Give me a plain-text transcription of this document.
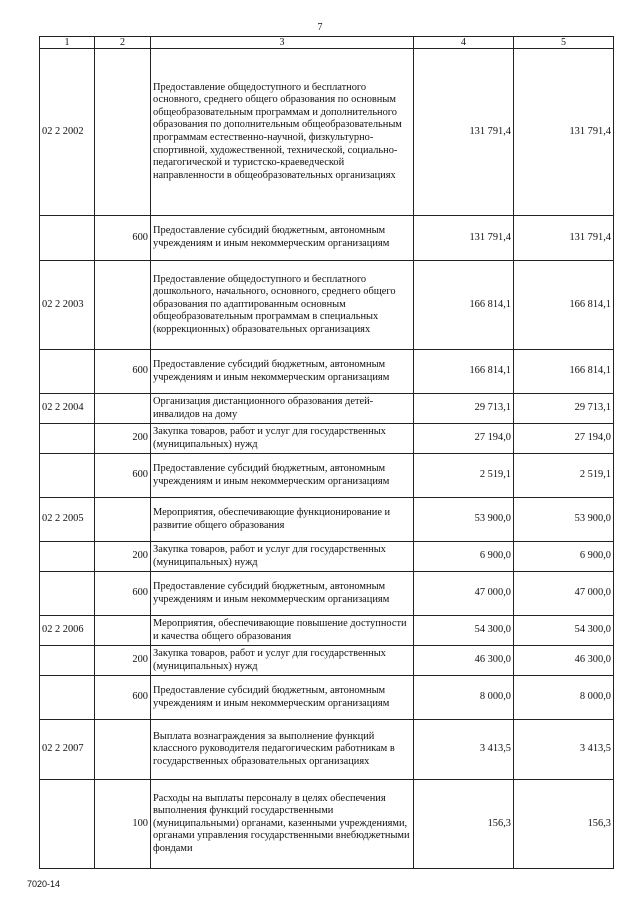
7
1	2	3	4	5
02 2 2002		Предоставление общедоступного и бесплатного основного, среднего общего образования по основным общеобразовательным программам и дополнительного образования по дополнительным общеобразовательным программам естественно-научной, физкультурно-спортивной, художественной, технической, социально-педагогической и туристско-краеведческой направленности в общеобразовательных организациях	131 791,4	131 791,4
	600	Предоставление субсидий бюджетным, автономным учреждениям и иным некоммерческим организациям	131 791,4	131 791,4
02 2 2003		Предоставление общедоступного и бесплатного дошкольного, начального, основного, среднего общего образования по адаптированным основным общеобразовательным программам в специальных (коррекционных) образовательных организациях	166 814,1	166 814,1
	600	Предоставление субсидий бюджетным, автономным учреждениям и иным некоммерческим организациям	166 814,1	166 814,1
02 2 2004		Организация дистанционного образования детей-инвалидов на дому	29 713,1	29 713,1
	200	Закупка товаров, работ и услуг для государственных (муниципальных) нужд	27 194,0	27 194,0
	600	Предоставление субсидий бюджетным, автономным учреждениям и иным некоммерческим организациям	2 519,1	2 519,1
02 2 2005		Мероприятия, обеспечивающие функционирование и развитие общего образования	53 900,0	53 900,0
	200	Закупка товаров, работ и услуг для государственных (муниципальных) нужд	6 900,0	6 900,0
	600	Предоставление субсидий бюджетным, автономным учреждениям и иным некоммерческим организациям	47 000,0	47 000,0
02 2 2006		Мероприятия, обеспечивающие повышение доступности и качества общего образования	54 300,0	54 300,0
	200	Закупка товаров, работ и услуг для государственных (муниципальных) нужд	46 300,0	46 300,0
	600	Предоставление субсидий бюджетным, автономным учреждениям и иным некоммерческим организациям	8 000,0	8 000,0
02 2 2007		Выплата вознаграждения за выполнение функций классного руководителя педагогическим работникам в государственных образовательных организациях	3 413,5	3 413,5
	100	Расходы на выплаты персоналу в целях обеспечения выполнения функций государственными (муниципальными) органами, казенными учреждениями, органами управления государственными внебюджетными фондами	156,3	156,3
7020-14
